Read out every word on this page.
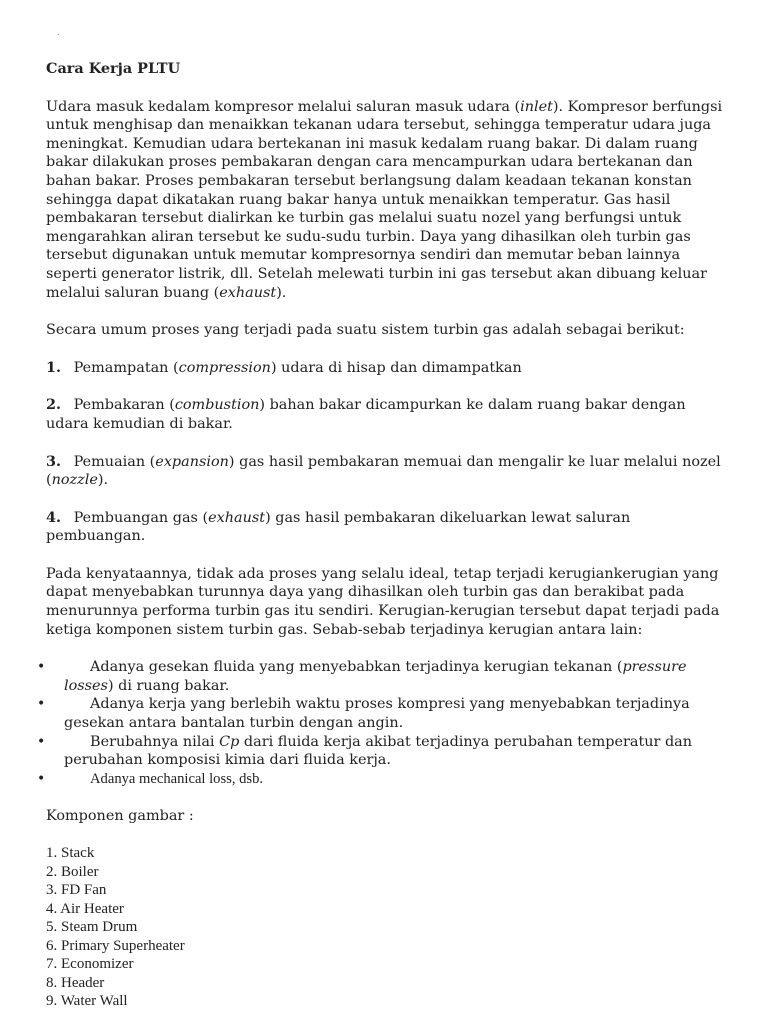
.

Cara Kerja PLTU

Udara masuk kedalam kompresor melalui saluran masuk udara (inlet). Kompresor berfungsi untuk menghisap dan menaikkan tekanan udara tersebut, sehingga temperatur udara juga meningkat. Kemudian udara bertekanan ini masuk kedalam ruang bakar. Di dalam ruang bakar dilakukan proses pembakaran dengan cara mencampurkan udara bertekanan dan bahan bakar. Proses pembakaran tersebut berlangsung dalam keadaan tekanan konstan sehingga dapat dikatakan ruang bakar hanya untuk menaikkan temperatur. Gas hasil pembakaran tersebut dialirkan ke turbin gas melalui suatu nozel yang berfungsi untuk mengarahkan aliran tersebut ke sudu-sudu turbin. Daya yang dihasilkan oleh turbin gas tersebut digunakan untuk memutar kompresornya sendiri dan memutar beban lainnya seperti generator listrik, dll. Setelah melewati turbin ini gas tersebut akan dibuang keluar melalui saluran buang (exhaust).

Secara umum proses yang terjadi pada suatu sistem turbin gas adalah sebagai berikut:

1. Pemampatan (compression) udara di hisap dan dimampatkan

2. Pembakaran (combustion) bahan bakar dicampurkan ke dalam ruang bakar dengan udara kemudian di bakar.

3. Pemuaian (expansion) gas hasil pembakaran memuai dan mengalir ke luar melalui nozel (nozzle).

4. Pembuangan gas (exhaust) gas hasil pembakaran dikeluarkan lewat saluran pembuangan.

Pada kenyataannya, tidak ada proses yang selalu ideal, tetap terjadi kerugiankerugian yang dapat menyebabkan turunnya daya yang dihasilkan oleh turbin gas dan berakibat pada menurunnya performa turbin gas itu sendiri. Kerugian-kerugian tersebut dapat terjadi pada ketiga komponen sistem turbin gas. Sebab-sebab terjadinya kerugian antara lain:

•	Adanya gesekan fluida yang menyebabkan terjadinya kerugian tekanan (pressure losses) di ruang bakar.
•	Adanya kerja yang berlebih waktu proses kompresi yang menyebabkan terjadinya gesekan antara bantalan turbin dengan angin.
•	Berubahnya nilai Cp dari fluida kerja akibat terjadinya perubahan temperatur dan perubahan komposisi kimia dari fluida kerja.
•	Adanya mechanical loss, dsb.

Komponen gambar :

1. Stack
2. Boiler
3. FD Fan
4. Air Heater
5. Steam Drum
6. Primary Superheater
7. Economizer
8. Header
9. Water Wall
